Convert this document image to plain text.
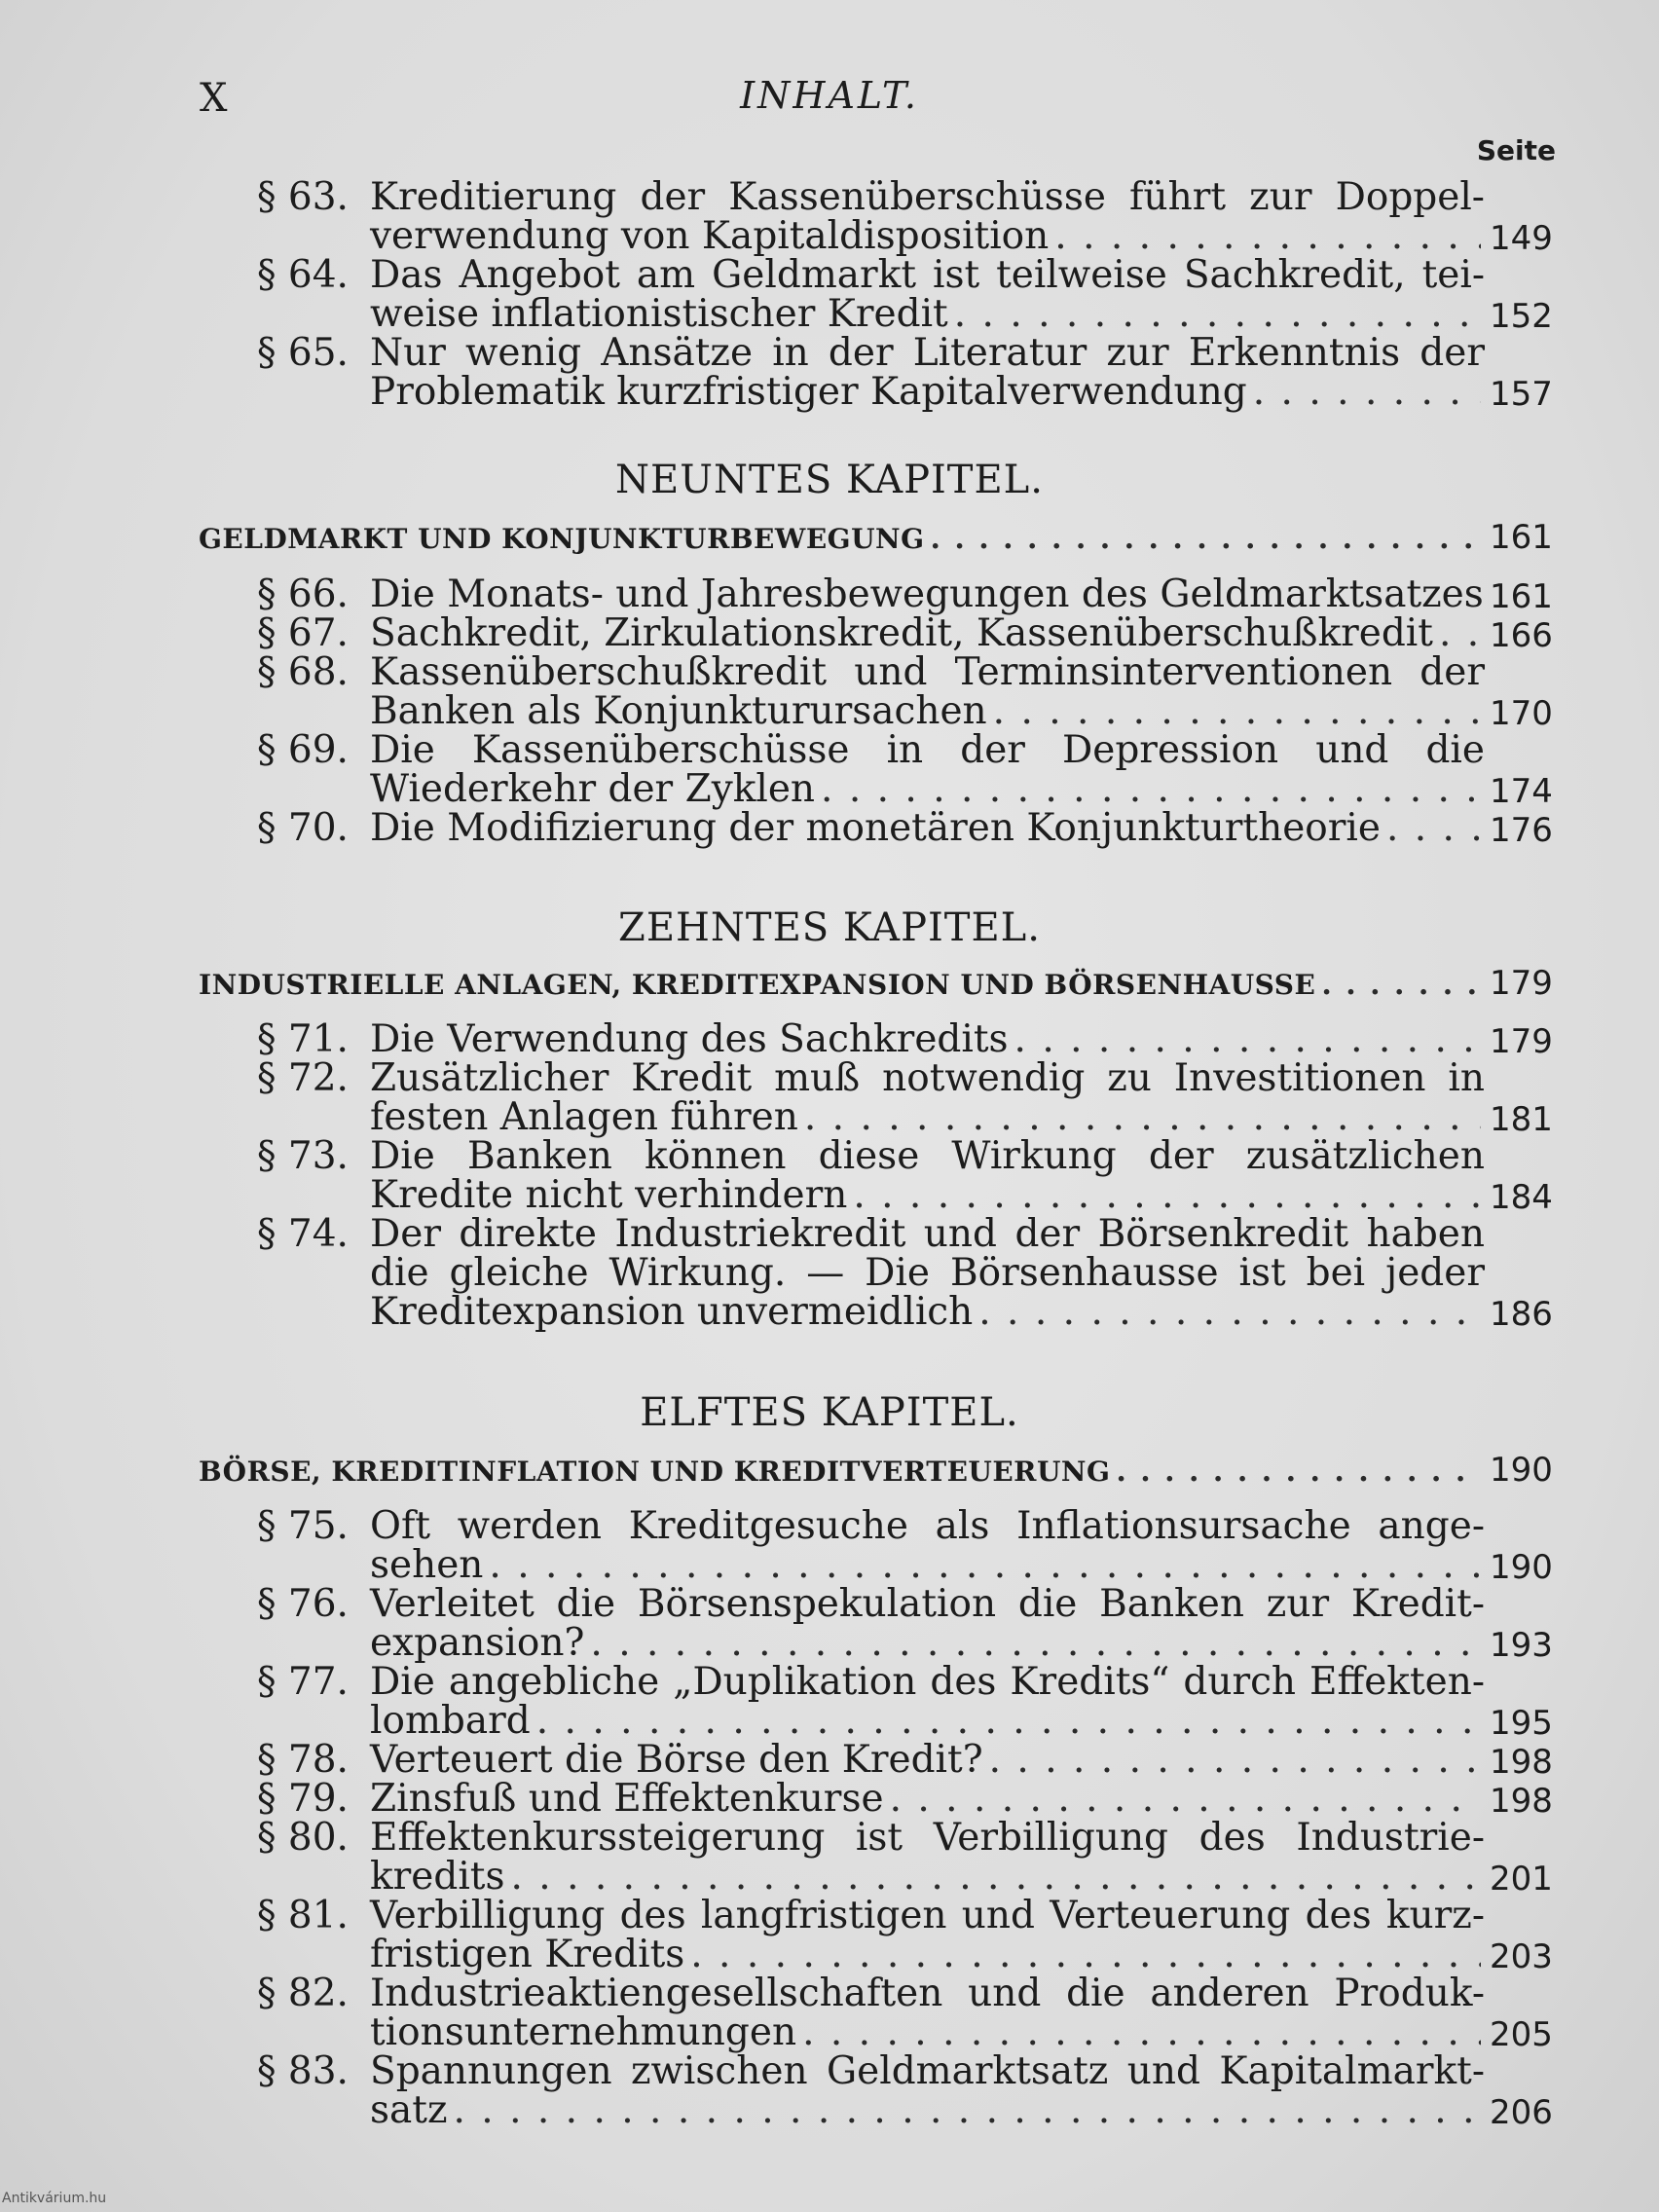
X	INHALT.
Seite
§ 63. Kreditierung der Kassenüberschüsse führt zur Doppel-
verwendung von Kapitaldisposition . . .	149
§ 64. Das Angebot am Geldmarkt ist teilweise Sachkredit, tei-
weise inflationistischer Kredit . . .	152
§ 65. Nur wenig Ansätze in der Literatur zur Erkenntnis der
Problematik kurzfristiger Kapitalverwendung . . .	157
NEUNTES KAPITEL.
GELDMARKT UND KONJUNKTURBEWEGUNG . . .	161
§ 66. Die Monats- und Jahresbewegungen des Geldmarktsatzes 161
§ 67. Sachkredit, Zirkulationskredit, Kassenüberschußkredit . . . 166
§ 68. Kassenüberschußkredit und Terminsinterventionen der
Banken als Konjunkturursachen . . .	170
§ 69. Die Kassenüberschüsse in der Depression und die
Wiederkehr der Zyklen . . .	174
§ 70. Die Modifizierung der monetären Konjunkturtheorie . . .	176
ZEHNTES KAPITEL.
INDUSTRIELLE ANLAGEN, KREDITEXPANSION UND BÖRSENHAUSSE . . .	179
§ 71. Die Verwendung des Sachkredits . . .	179
§ 72. Zusätzlicher Kredit muß notwendig zu Investitionen in
festen Anlagen führen . . .	181
§ 73. Die Banken können diese Wirkung der zusätzlichen
Kredite nicht verhindern . . .	184
§ 74. Der direkte Industriekredit und der Börsenkredit haben
die gleiche Wirkung. — Die Börsenhausse ist bei jeder
Kreditexpansion unvermeidlich . . .	186
ELFTES KAPITEL.
BÖRSE, KREDITINFLATION UND KREDITVERTEUERUNG . . .	190
§ 75. Oft werden Kreditgesuche als Inflationsursache ange-
sehen . . .	190
§ 76. Verleitet die Börsenspekulation die Banken zur Kredit-
expansion? . . .	193
§ 77. Die angebliche „Duplikation des Kredits“ durch Effekten-
lombard . . .	195
§ 78. Verteuert die Börse den Kredit? . . .	198
§ 79. Zinsfuß und Effektenkurse . . .	198
§ 80. Effektenkurssteigerung ist Verbilligung des Industrie-
kredits . . .	201
§ 81. Verbilligung des langfristigen und Verteuerung des kurz-
fristigen Kredits . . .	203
§ 82. Industrieaktiengesellschaften und die anderen Produk-
tionsunternehmungen . . .	205
§ 83. Spannungen zwischen Geldmarktsatz und Kapitalmarkt-
satz . . .	206
Antikvárium.hu
